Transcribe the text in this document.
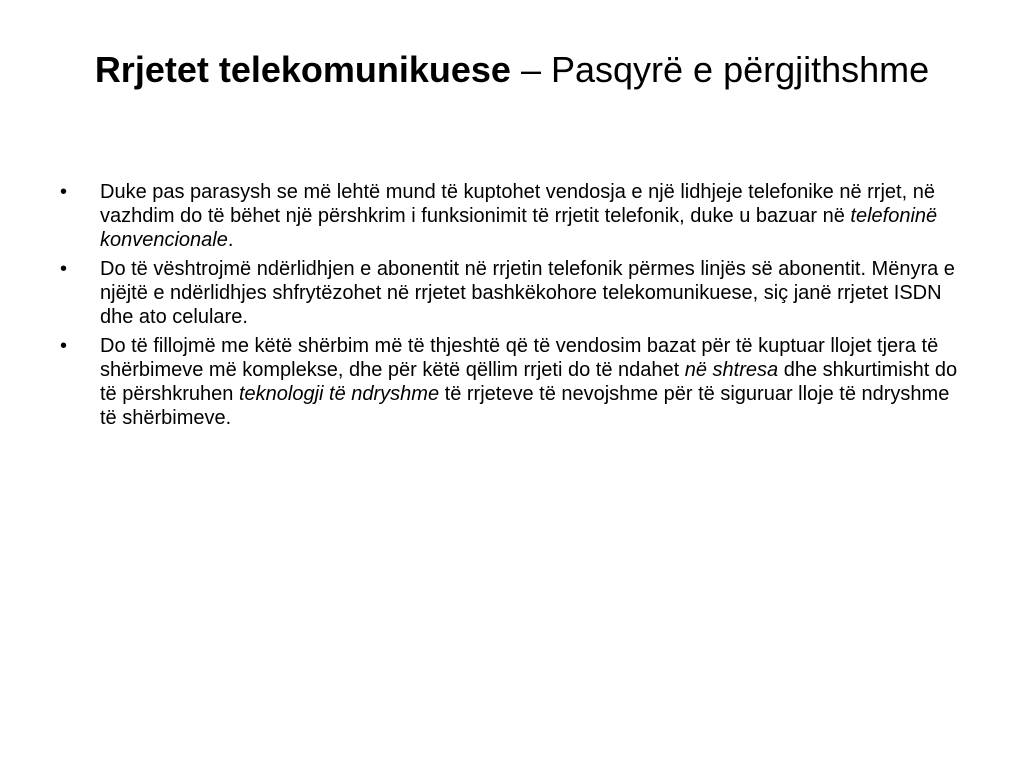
Rrjetet telekomunikuese – Pasqyrë e përgjithshme
• Duke pas parasysh se më lehtë mund të kuptohet vendosja e një lidhjeje telefonike në rrjet, në vazhdim do të bëhet një përshkrim i funksionimit të rrjetit telefonik, duke u bazuar në telefoninë konvencionale.
• Do të vështrojmë ndërlidhjen e abonentit në rrjetin telefonik përmes linjës së abonentit. Mënyra e njëjtë e ndërlidhjes shfrytëzohet në rrjetet bashkëkohore telekomunikuese, siç janë rrjetet ISDN dhe ato celulare.
• Do të fillojmë me këtë shërbim më të thjeshtë që të vendosim bazat për të kuptuar llojet tjera të shërbimeve më komplekse, dhe për këtë qëllim rrjeti do të ndahet në shtresa dhe shkurtimisht do të përshkruhen teknologji të ndryshme të rrjeteve të nevojshme për të siguruar lloje të ndryshme të shërbimeve.
